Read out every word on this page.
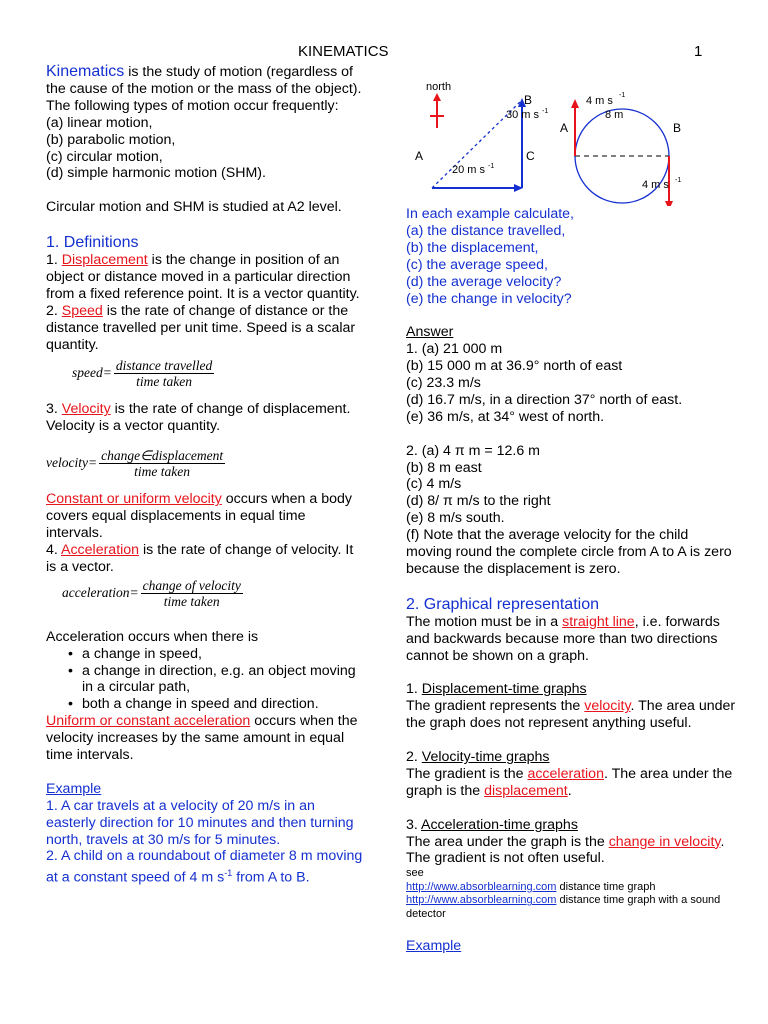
KINEMATICS	1

Kinematics is the study of motion (regardless of the cause of the motion or the mass of the object).

The following types of motion occur frequently:

(a) linear motion,

(b) parabolic motion,

(c) circular motion,

(d) simple harmonic motion (SHM).

Circular motion and SHM is studied at A2 level.

1. Definitions

1. Displacement is the change in position of an object or distance moved in a particular direction from a fixed reference point. It is a vector quantity.

2. Speed is the rate of change of distance or the distance travelled per unit time. Speed is a scalar quantity.

speed = $\frac{\text{distance travelled}}{\text{time taken}}$

3. Velocity is the rate of change of displacement. Velocity is a vector quantity.

velocity = $\frac{\text{change∈displacement}}{\text{time taken}}$

Constant or uniform velocity occurs when a body covers equal displacements in equal time intervals.

4. Acceleration is the rate of change of velocity. It is a vector.

acceleration = $\frac{\text{change of velocity}}{\text{time taken}}$

Acceleration occurs when there is

• a change in speed,
• a change in direction, e.g. an object moving in a circular path,
• both a change in speed and direction.

Uniform or constant acceleration occurs when the velocity increases by the same amount in equal time intervals.

Example

1. A car travels at a velocity of 20 m/s in an easterly direction for 10 minutes and then turning north, travels at 30 m/s for 5 minutes.

2. A child on a roundabout of diameter 8 m moving at a constant speed of 4 m $s^{-1}$ from A to B.

north
A
B
C
30 m s -1
20 m s -1
4 m s -1
8 m
A	B
4 m s -1

In each example calculate,

(a) the distance travelled,

(b) the displacement,

(c) the average speed,

(d) the average velocity?

(e) the change in velocity?

Answer

1. (a) 21 000 m

(b) 15 000 m at 36.9° north of east

(c) 23.3 m/s

(d) 16.7 m/s, in a direction 37° north of east.

(e) 36 m/s, at 34° west of north.

2. (a) 4 π m = 12.6 m

(b) 8 m east

(c) 4 m/s

(d) 8/ π m/s to the right

(e) 8 m/s south.

(f) Note that the average velocity for the child moving round the complete circle from A to A is zero because the displacement is zero.

2. Graphical representation

The motion must be in a straight line, i.e. forwards and backwards because more than two directions cannot be shown on a graph.

1. Displacement-time graphs

The gradient represents the velocity. The area under the graph does not represent anything useful.

2. Velocity-time graphs

The gradient is the acceleration. The area under the graph is the displacement.

3. Acceleration-time graphs

The area under the graph is the change in velocity. The gradient is not often useful.

see

http://www.absorblearning.com distance time graph

http://www.absorblearning.com distance time graph with a sound detector

Example
